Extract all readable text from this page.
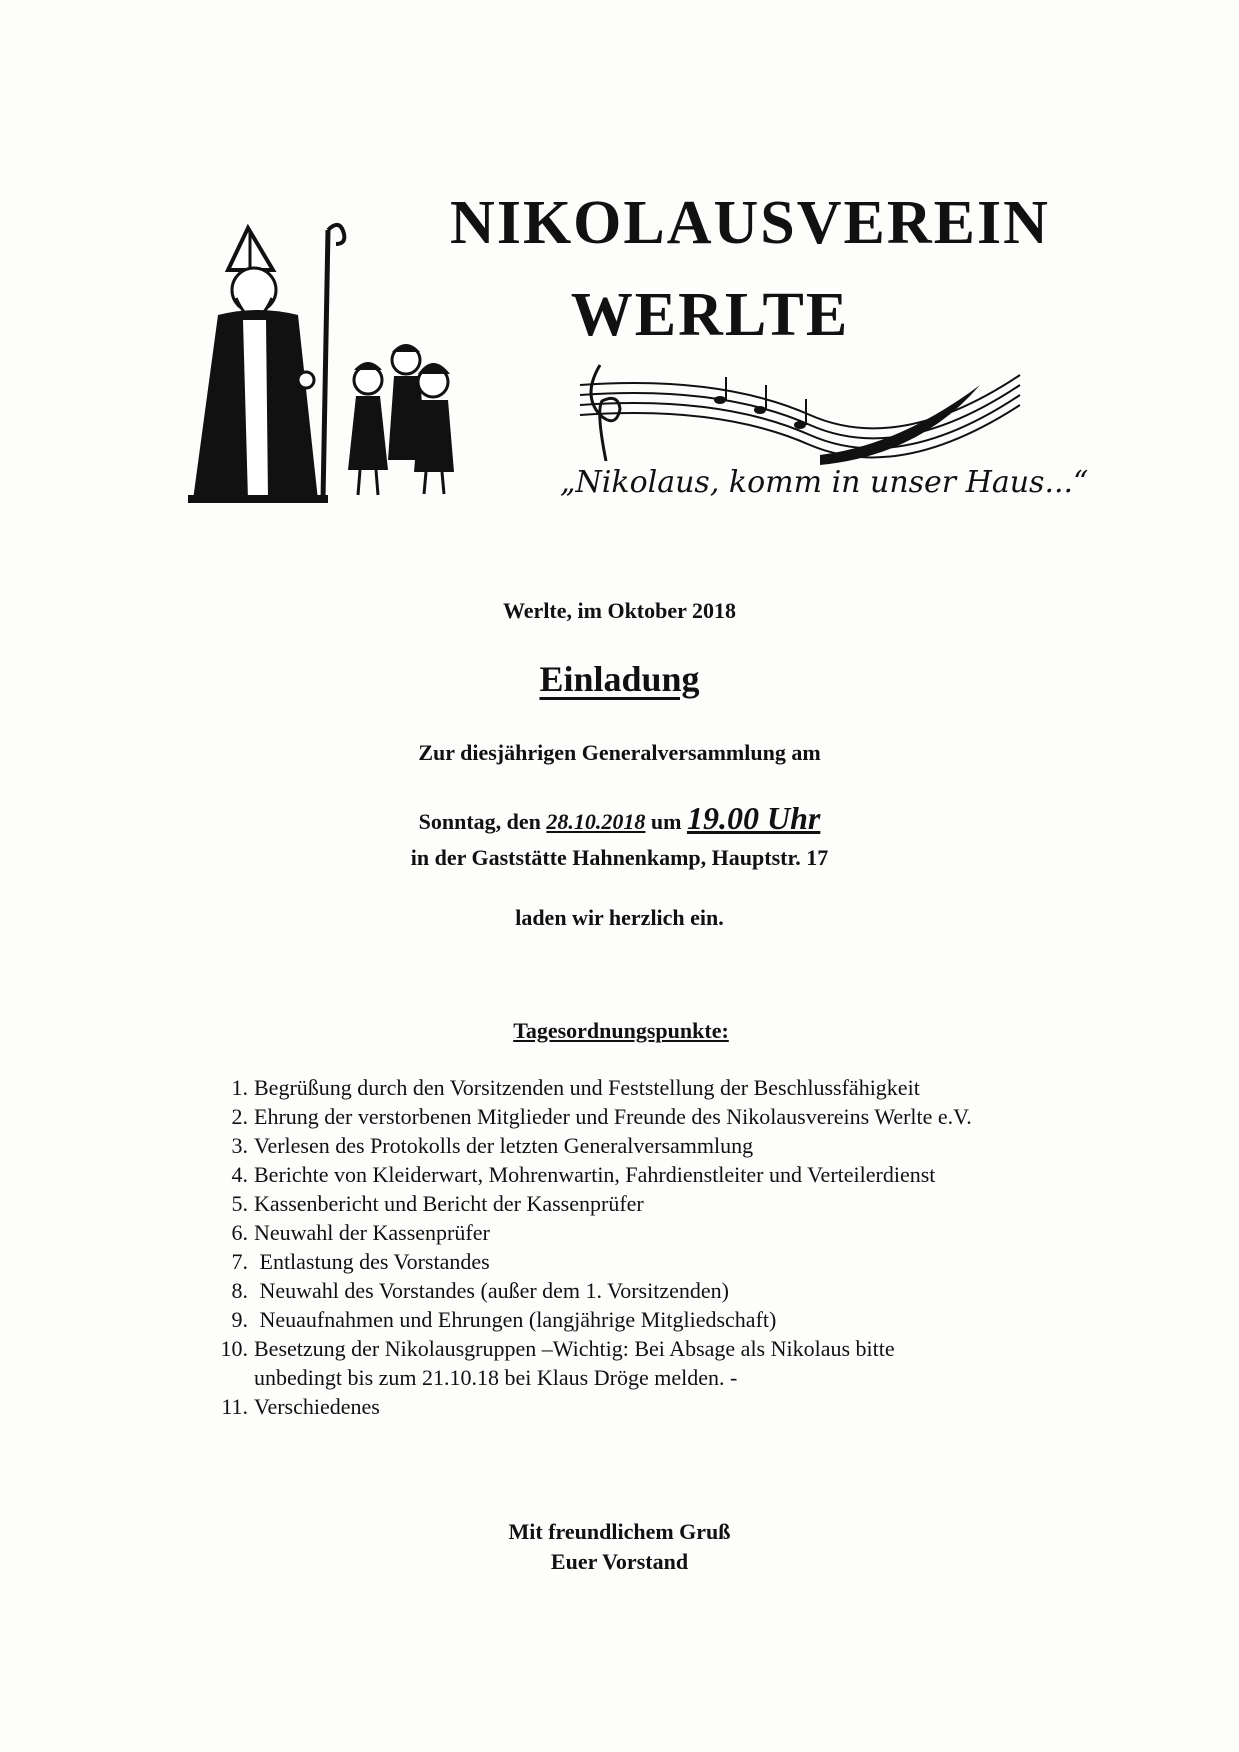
NIKOLAUSVEREIN
WERLTE
„Nikolaus, komm in unser Haus...“
Werlte, im Oktober 2018
Einladung
Zur diesjährigen Generalversammlung am
Sonntag, den 28.10.2018 um 19.00 Uhr
in der Gaststätte Hahnenkamp, Hauptstr. 17
laden wir herzlich ein.
Tagesordnungspunkte:
1. Begrüßung durch den Vorsitzenden und Feststellung der Beschlussfähigkeit
2. Ehrung der verstorbenen Mitglieder und Freunde des Nikolausvereins Werlte e.V.
3. Verlesen des Protokolls der letzten Generalversammlung
4. Berichte von Kleiderwart, Mohrenwartin, Fahrdienstleiter und Verteilerdienst
5. Kassenbericht und Bericht der Kassenprüfer
6. Neuwahl der Kassenprüfer
7. Entlastung des Vorstandes
8. Neuwahl des Vorstandes (außer dem 1. Vorsitzenden)
9. Neuaufnahmen und Ehrungen (langjährige Mitgliedschaft)
10. Besetzung der Nikolausgruppen –Wichtig: Bei Absage als Nikolaus bitte
unbedingt bis zum 21.10.18 bei Klaus Dröge melden. -
11. Verschiedenes
Mit freundlichem Gruß
Euer Vorstand
